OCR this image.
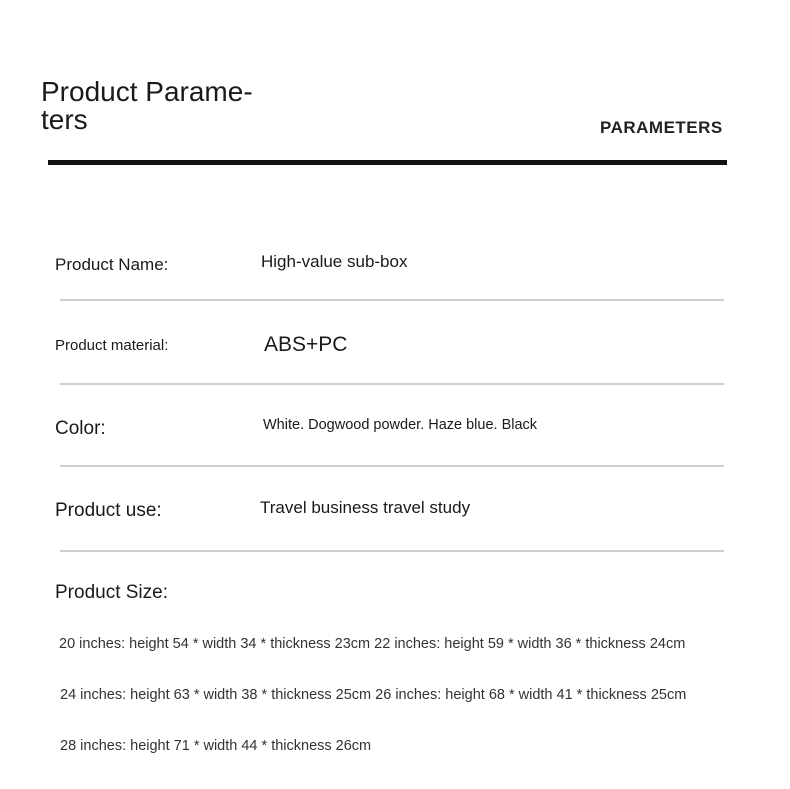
Product Parame-
ters	PARAMETERS
Product Name:	High-value sub-box
Product material:	ABS+PC
Color:	White. Dogwood powder. Haze blue. Black
Product use:	Travel business travel study
Product Size:
20 inches: height 54 * width 34 * thickness 23cm 22 inches: height 59 * width 36 * thickness 24cm
24 inches: height 63 * width 38 * thickness 25cm 26 inches: height 68 * width 41 * thickness 25cm
28 inches: height 71 * width 44 * thickness 26cm
